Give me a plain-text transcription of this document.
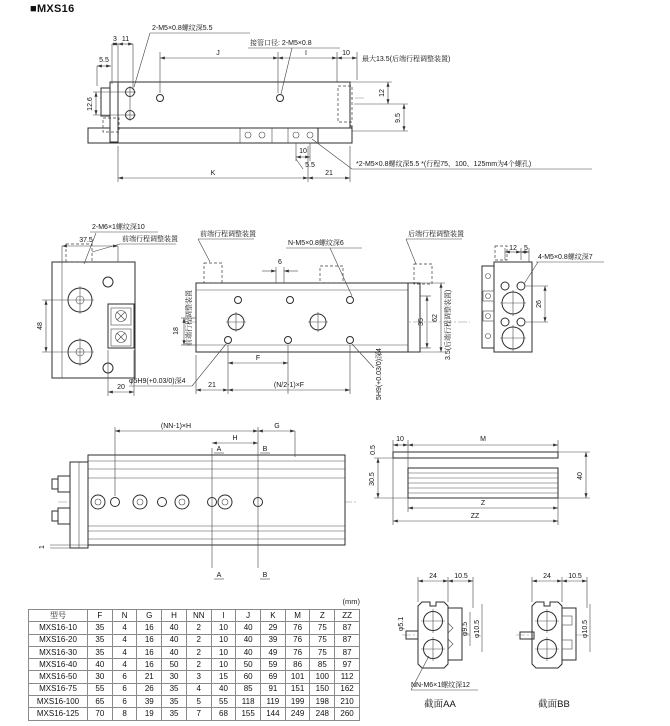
■MXS16
3 11
5.5
2-M5×0.8螺纹深5.5
接管口径: 2-M5×0.8
J	I	10
最大13.5(后端行程调整装置)
12.6
12
9.5
10
5.5
K	21
*2-M5×0.8螺纹深5.5 *(行程75、100、125mm为4个螺孔)
2-M6×1螺纹深10
37.5	前端行程调整装置
48
20
前端行程调整装置
N-M5×0.8螺纹深6
后端行程调整装置
6
前端行程调整装置
18
F
21	(N/2-1)×F
φ5H9(+0.03/0)深4	5H9(+0.03/0)深4
35
62 3.5(后端行程调整装置)
12 5
4-M5×0.8螺纹深7
26
(NN-1)×H	G
H
A	B
A	B
1
0.5
10	M
30.5	40
Z
ZZ
24 10.5
φ5.1	φ9.5 φ10.5
NN-M6×1螺纹深12
截面AA
24 10.5
φ10.5
截面BB
(mm)
型号	F	N	G	H	NN	I	J	K	M	Z	ZZ
MXS16-10	35	4	16	40	2	10	40	29	76	75	87
MXS16-20	35	4	16	40	2	10	40	39	76	75	87
MXS16-30	35	4	16	40	2	10	40	49	76	75	87
MXS16-40	40	4	16	50	2	10	50	59	86	85	97
MXS16-50	30	6	21	30	3	15	60	69	101	100	112
MXS16-75	55	6	26	35	4	40	85	91	151	150	162
MXS16-100	65	6	39	35	5	55	118	119	199	198	210
MXS16-125	70	8	19	35	7	68	155	144	249	248	260
